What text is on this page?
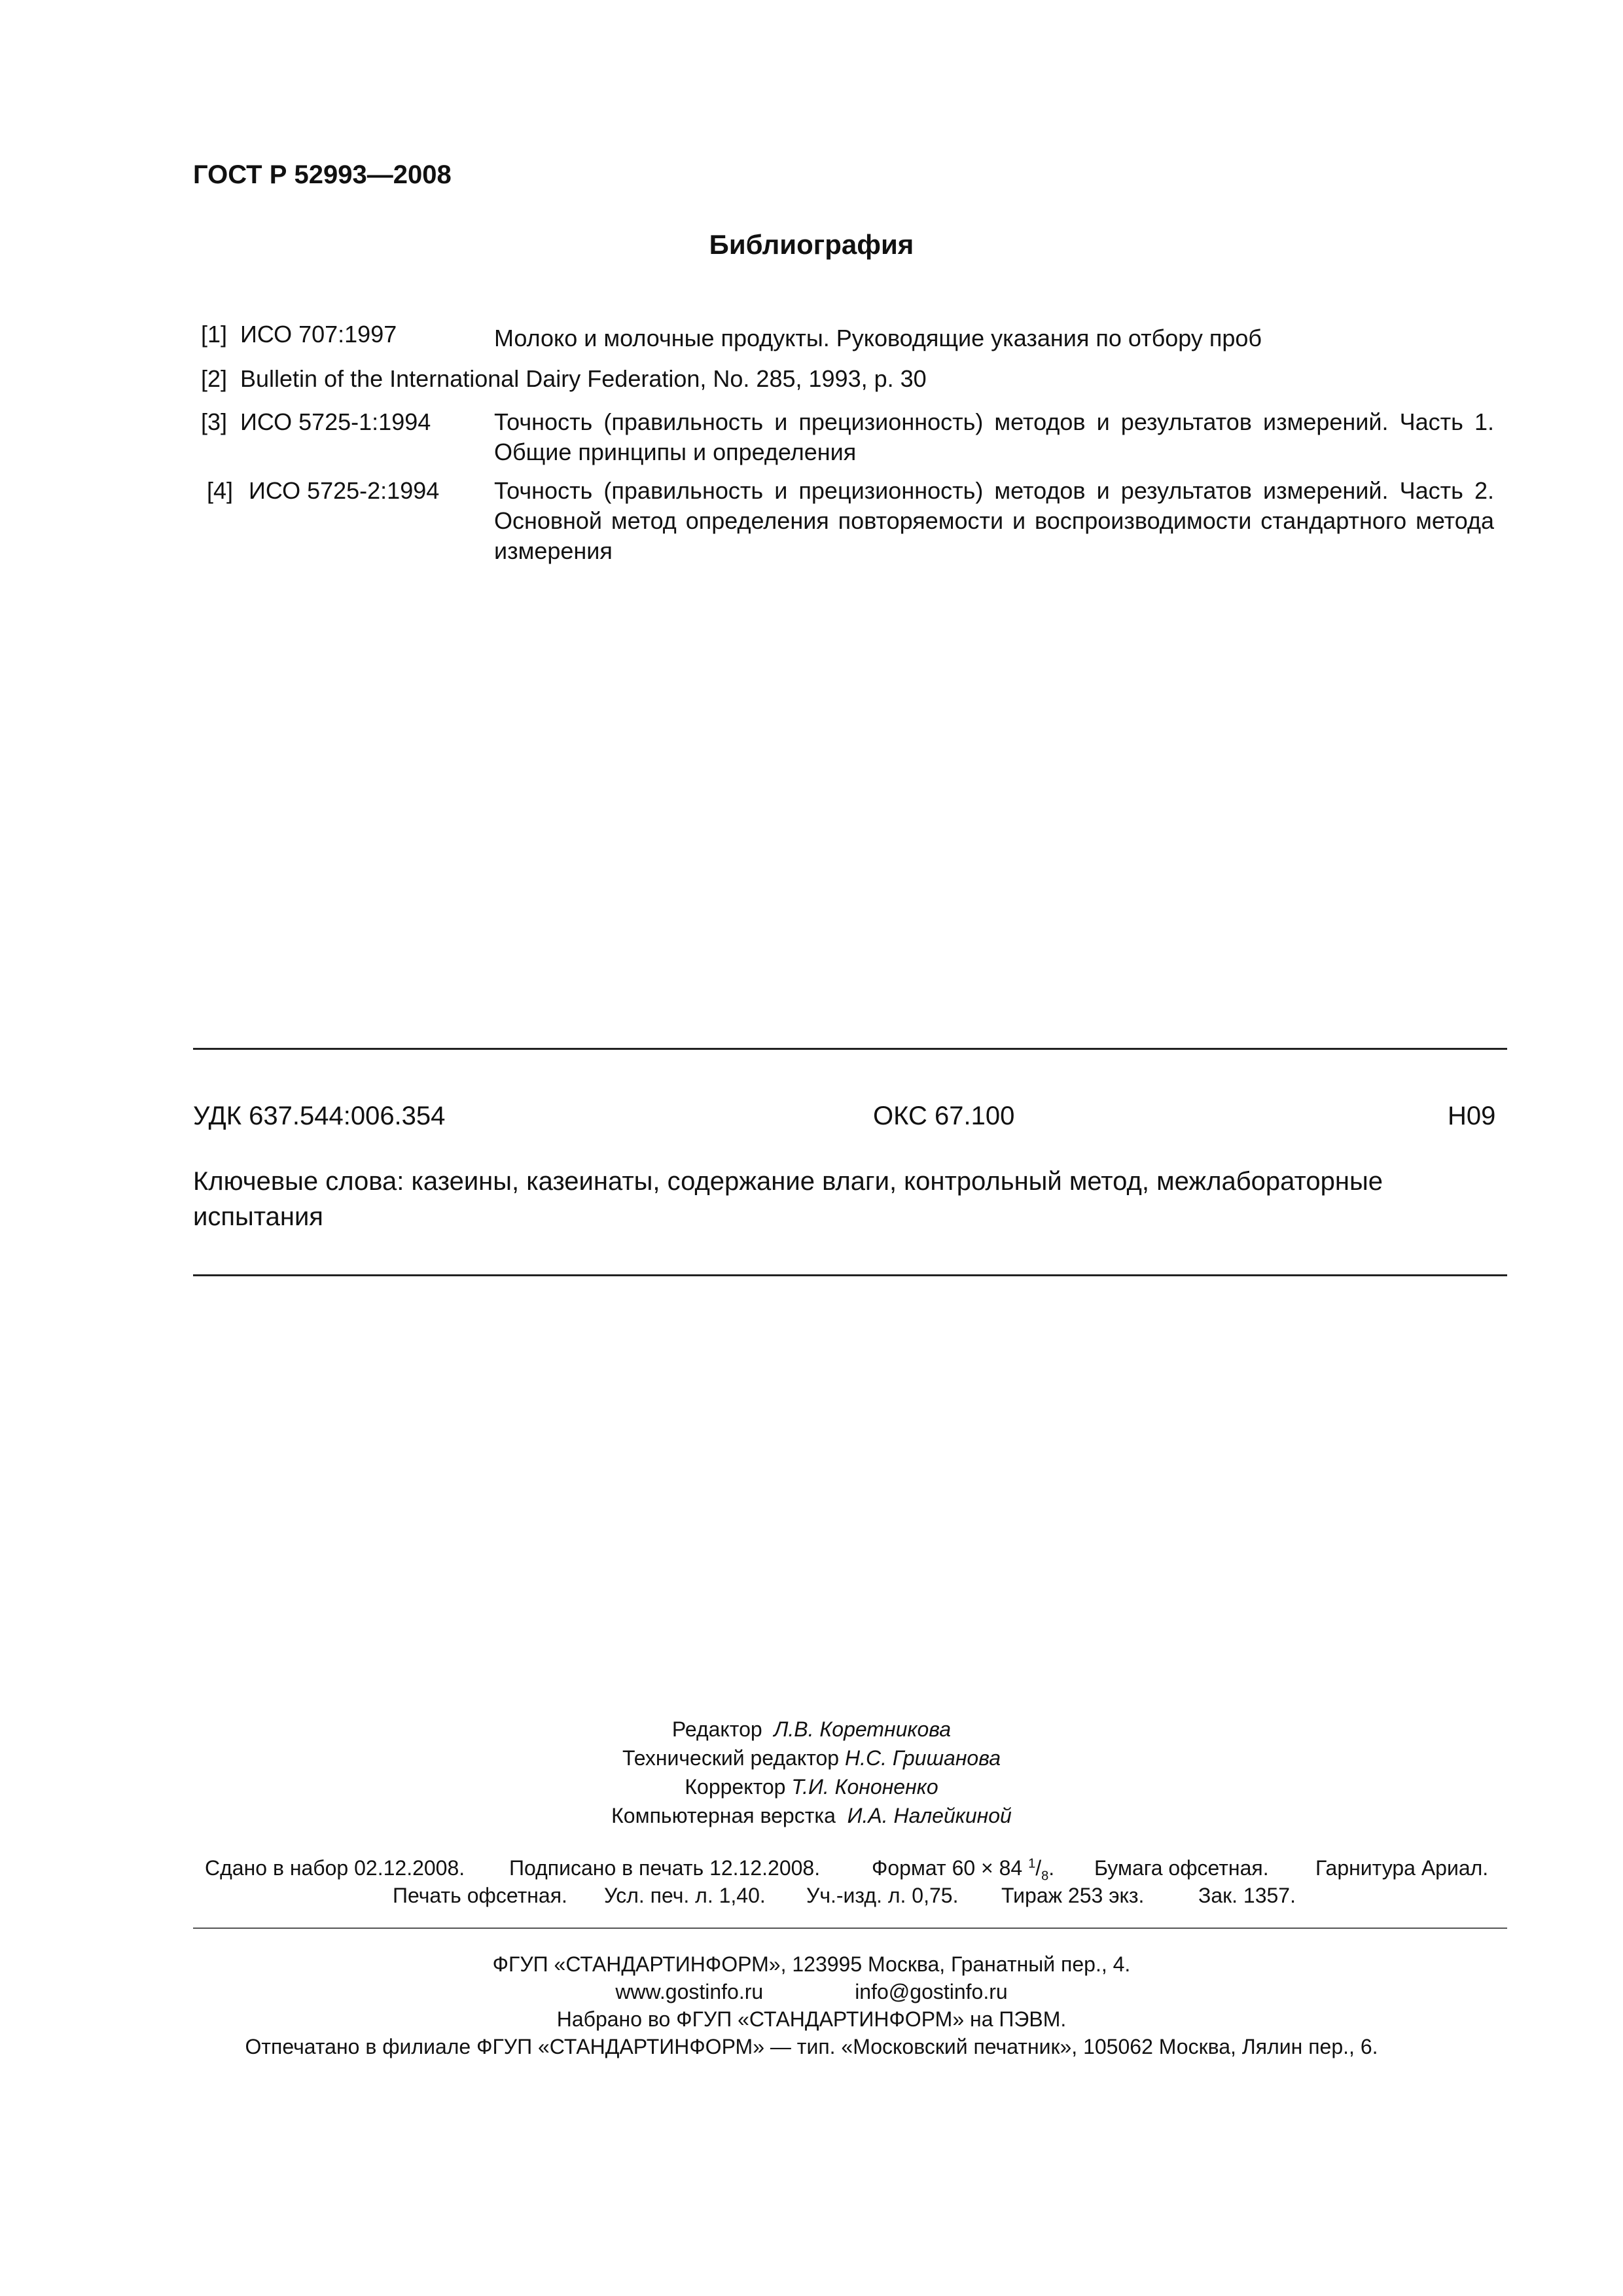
ГОСТ Р 52993—2008
Библиография
[1] ИСО 707:1997	Молоко и молочные продукты. Руководящие указания по отбору проб
[2] Bulletin of the International Dairy Federation, No. 285, 1993, p. 30
[3] ИСО 5725-1:1994	Точность (правильность и прецизионность) методов и результатов измерений. Часть 1. Общие принципы и определения
[4] ИСО 5725-2:1994 Точность (правильность и прецизионность) методов и результатов измерений. Часть 2. Основной метод определения повторяемости и воспроизводимости стандартного метода измерения
УДК 637.544:006.354	ОКС 67.100	Н09
Ключевые слова: казеины, казеинаты, содержание влаги, контрольный метод, межлабораторные испытания
Редактор Л.В. Коретникова
Технический редактор Н.С. Гришанова
Корректор Т.И. Кононенко
Компьютерная верстка И.А. Налейкиной
Сдано в набор 02.12.2008. Подписано в печать 12.12.2008. Формат 60 × 84 $^1/_8$. Бумага офсетная. Гарнитура Ариал.
Печать офсетная. Усл. печ. л. 1,40. Уч.-изд. л. 0,75. Тираж 253 экз.	Зак. 1357.
ФГУП «СТАНДАРТИНФОРМ», 123995 Москва, Гранатный пер., 4.
www.gostinfo.ru	info@gostinfo.ru
Набрано во ФГУП «СТАНДАРТИНФОРМ» на ПЭВМ.
Отпечатано в филиале ФГУП «СТАНДАРТИНФОРМ» — тип. «Московский печатник», 105062 Москва, Лялин пер., 6.
